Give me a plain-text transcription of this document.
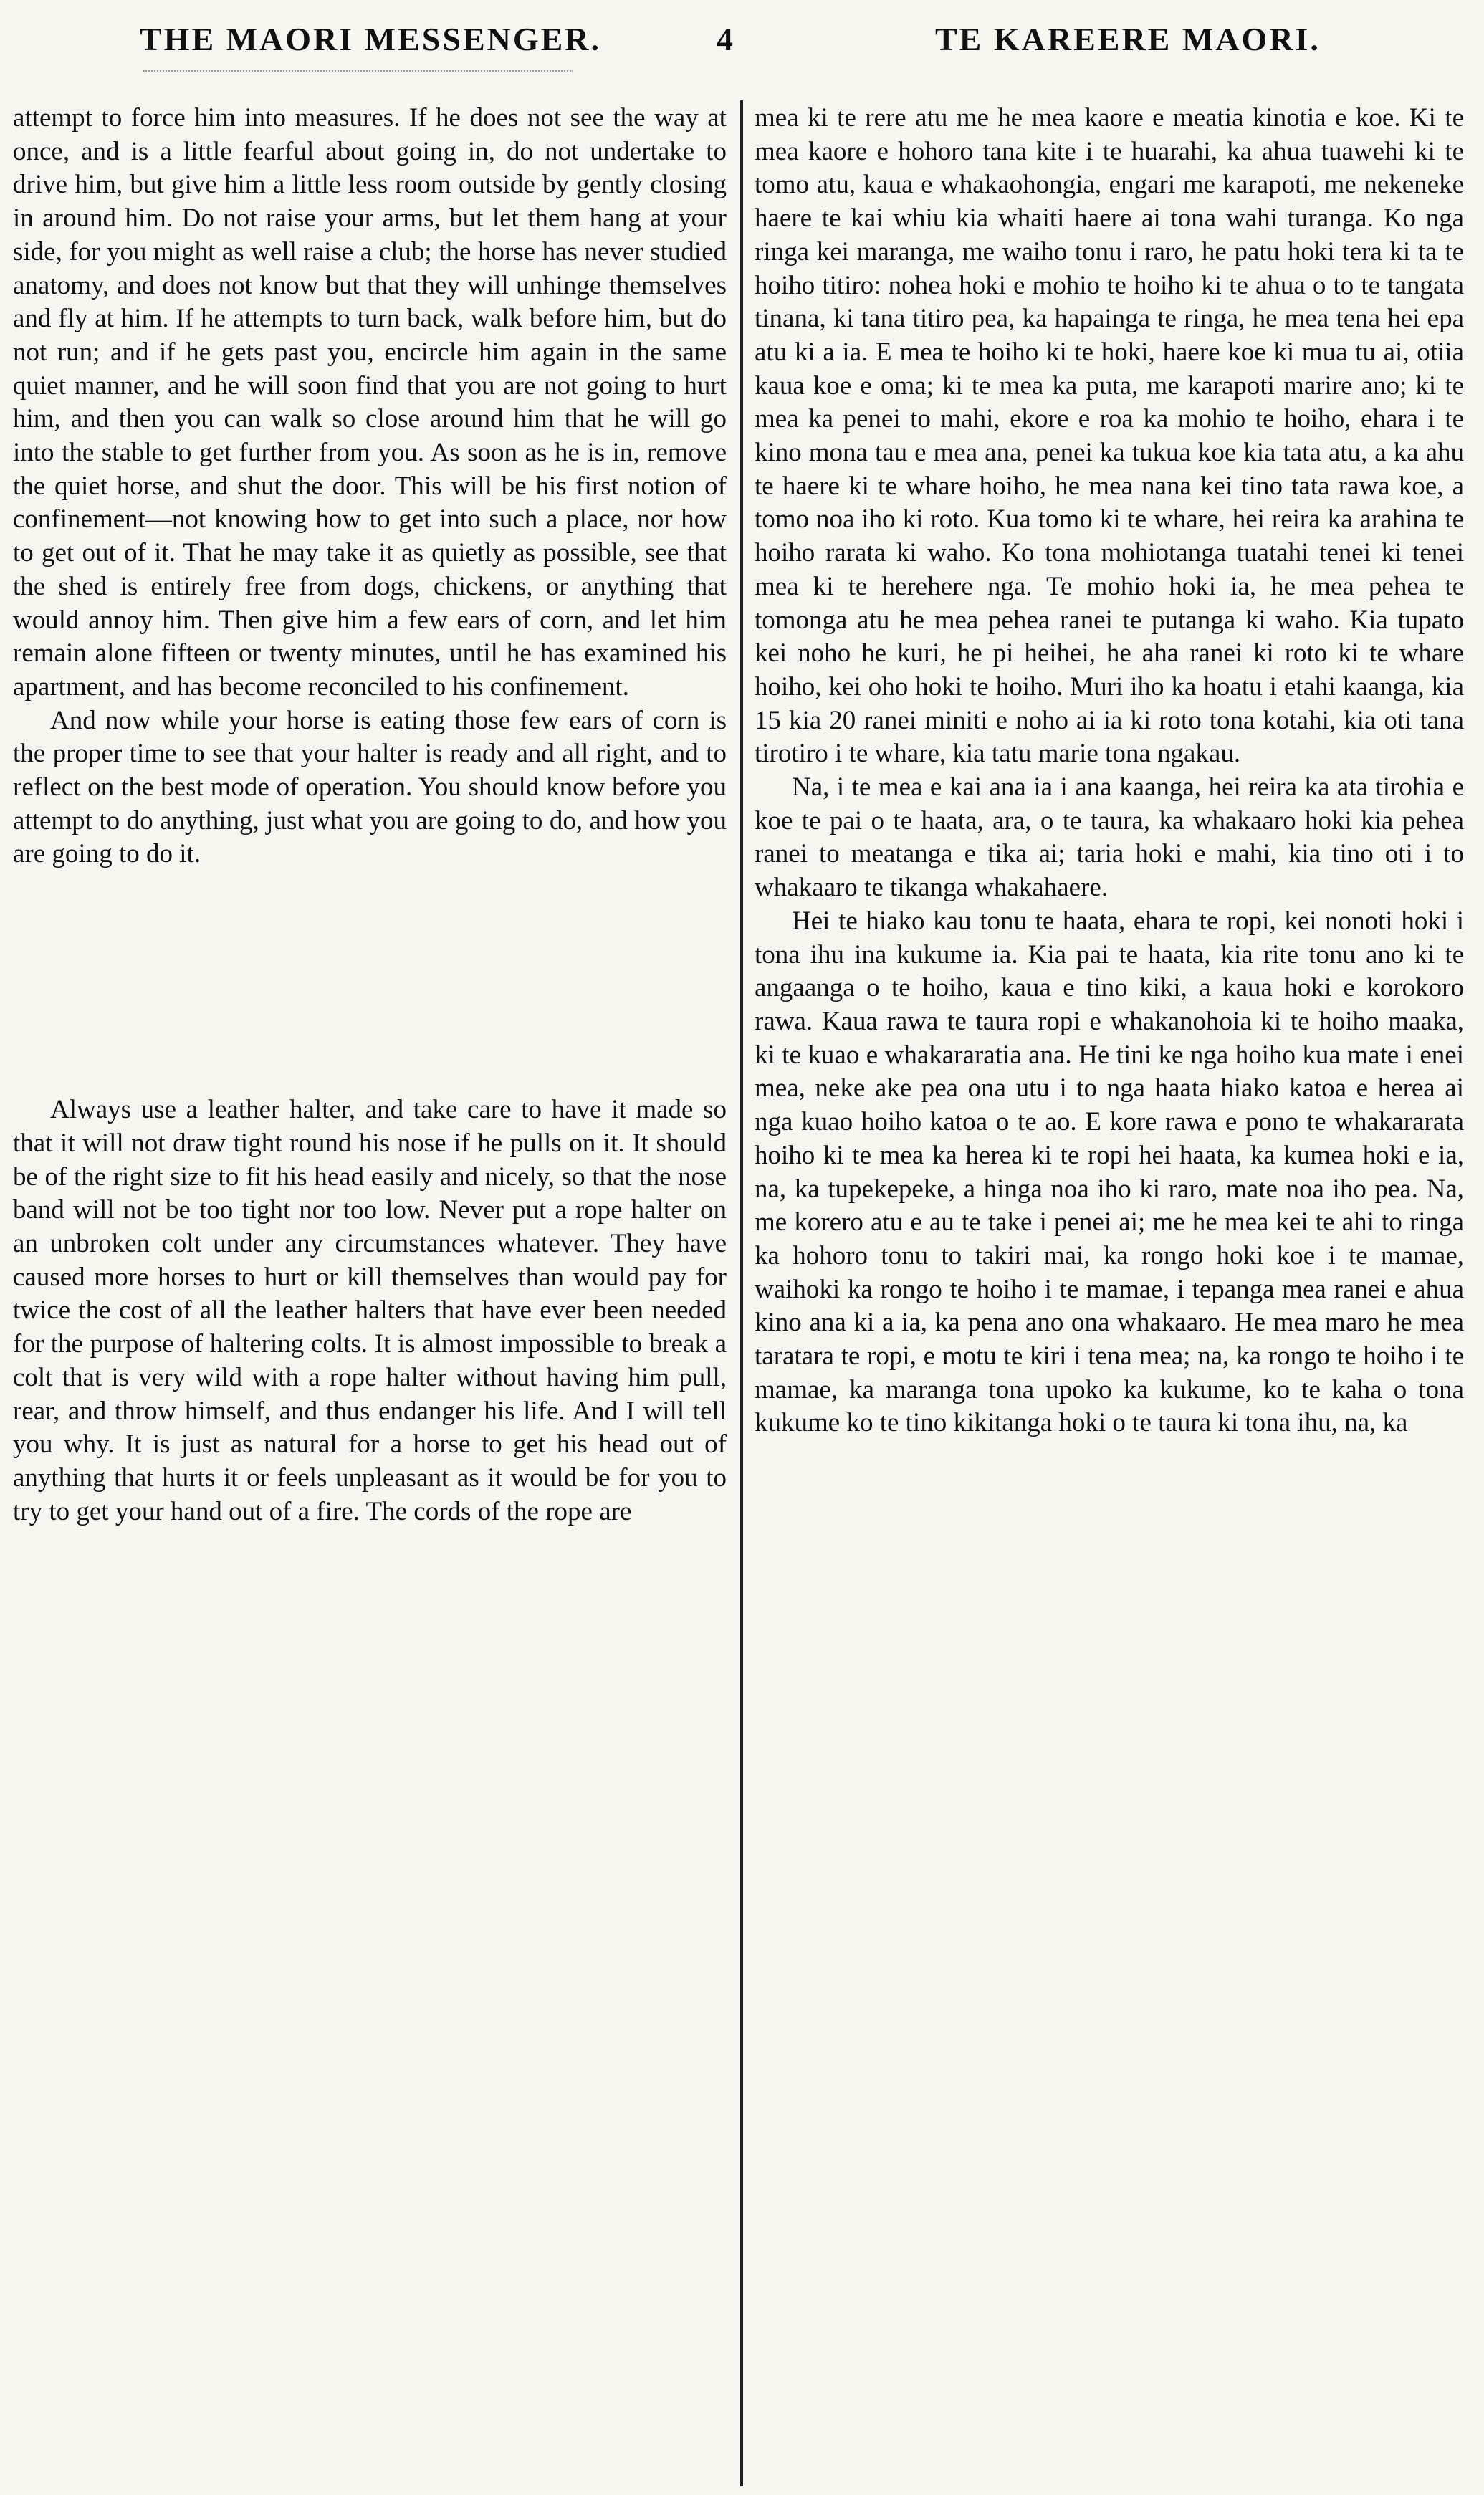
THE MAORI MESSENGER.	4	TE KAREERE MAORI.

attempt to force him into measures. If he does not see the way at once, and is a little fearful about going in, do not undertake to drive him, but give him a little less room outside by gently closing in around him. Do not raise your arms, but let them hang at your side, for you might as well raise a club; the horse has never studied anatomy, and does not know but that they will unhinge themselves and fly at him. If he attempts to turn back, walk before him, but do not run; and if he gets past you, encircle him again in the same quiet manner, and he will soon find that you are not going to hurt him, and then you can walk so close around him that he will go into the stable to get further from you. As soon as he is in, remove the quiet horse, and shut the door. This will be his first notion of confinement—not knowing how to get into such a place, nor how to get out of it. That he may take it as quietly as possible, see that the shed is entirely free from dogs, chickens, or anything that would annoy him. Then give him a few ears of corn, and let him remain alone fifteen or twenty minutes, until he has examined his apartment, and has become reconciled to his confinement.

And now while your horse is eating those few ears of corn is the proper time to see that your halter is ready and all right, and to reflect on the best mode of operation. You should know before you attempt to do anything, just what you are going to do, and how you are going to do it.

Always use a leather halter, and take care to have it made so that it will not draw tight round his nose if he pulls on it. It should be of the right size to fit his head easily and nicely, so that the nose band will not be too tight nor too low. Never put a rope halter on an unbroken colt under any circumstances whatever. They have caused more horses to hurt or kill themselves than would pay for twice the cost of all the leather halters that have ever been needed for the purpose of haltering colts. It is almost impossible to break a colt that is very wild with a rope halter without having him pull, rear, and throw himself, and thus endanger his life. And I will tell you why. It is just as natural for a horse to get his head out of anything that hurts it or feels unpleasant as it would be for you to try to get your hand out of a fire. The cords of the rope are

mea ki te rere atu me he mea kaore e meatia kinotia e koe. Ki te mea kaore e hohoro tana kite i te huarahi, ka ahua tuawehi ki te tomo atu, kaua e whakaohongia, engari me karapoti, me nekeneke haere te kai whiu kia whaiti haere ai tona wahi turanga. Ko nga ringa kei maranga, me waiho tonu i raro, he patu hoki tera ki ta te hoiho titiro: nohea hoki e mohio te hoiho ki te ahua o to te tangata tinana, ki tana titiro pea, ka hapainga te ringa, he mea tena hei epa atu ki a ia. E mea te hoiho ki te hoki, haere koe ki mua tu ai, otiia kaua koe e oma; ki te mea ka puta, me karapoti marire ano; ki te mea ka penei to mahi, ekore e roa ka mohio te hoiho, ehara i te kino mona tau e mea ana, penei ka tukua koe kia tata atu, a ka ahu te haere ki te whare hoiho, he mea nana kei tino tata rawa koe, a tomo noa iho ki roto. Kua tomo ki te whare, hei reira ka arahina te hoiho rarata ki waho. Ko tona mohiotanga tuatahi tenei ki tenei mea ki te herehere nga. Te mohio hoki ia, he mea pehea te tomonga atu he mea pehea ranei te putanga ki waho. Kia tupato kei noho he kuri, he pi heihei, he aha ranei ki roto ki te whare hoiho, kei oho hoki te hoiho. Muri iho ka hoatu i etahi kaanga, kia 15 kia 20 ranei miniti e noho ai ia ki roto tona kotahi, kia oti tana tirotiro i te whare, kia tatu marie tona ngakau.

Na, i te mea e kai ana ia i ana kaanga, hei reira ka ata tirohia e koe te pai o te haata, ara, o te taura, ka whakaaro hoki kia pehea ranei to meatanga e tika ai; taria hoki e mahi, kia tino oti i to whakaaro te tikanga whakahaere.

Hei te hiako kau tonu te haata, ehara te ropi, kei nonoti hoki i tona ihu ina kukume ia. Kia pai te haata, kia rite tonu ano ki te angaanga o te hoiho, kaua e tino kiki, a kaua hoki e korokoro rawa. Kaua rawa te taura ropi e whakanohoia ki te hoiho maaka, ki te kuao e whakararatia ana. He tini ke nga hoiho kua mate i enei mea, neke ake pea ona utu i to nga haata hiako katoa e herea ai nga kuao hoiho katoa o te ao. E kore rawa e pono te whakararata hoiho ki te mea ka herea ki te ropi hei haata, ka kumea hoki e ia, na, ka tupekepeke, a hinga noa iho ki raro, mate noa iho pea. Na, me korero atu e au te take i penei ai; me he mea kei te ahi to ringa ka hohoro tonu to takiri mai, ka rongo hoki koe i te mamae, waihoki ka rongo te hoiho i te mamae, i tepanga mea ranei e ahua kino ana ki a ia, ka pena ano ona whakaaro. He mea maro he mea taratara te ropi, e motu te kiri i tena mea; na, ka rongo te hoiho i te mamae, ka maranga tona upoko ka kukume, ko te kaha o tona kukume ko te tino kikitanga hoki o te taura ki tona ihu, na, ka
